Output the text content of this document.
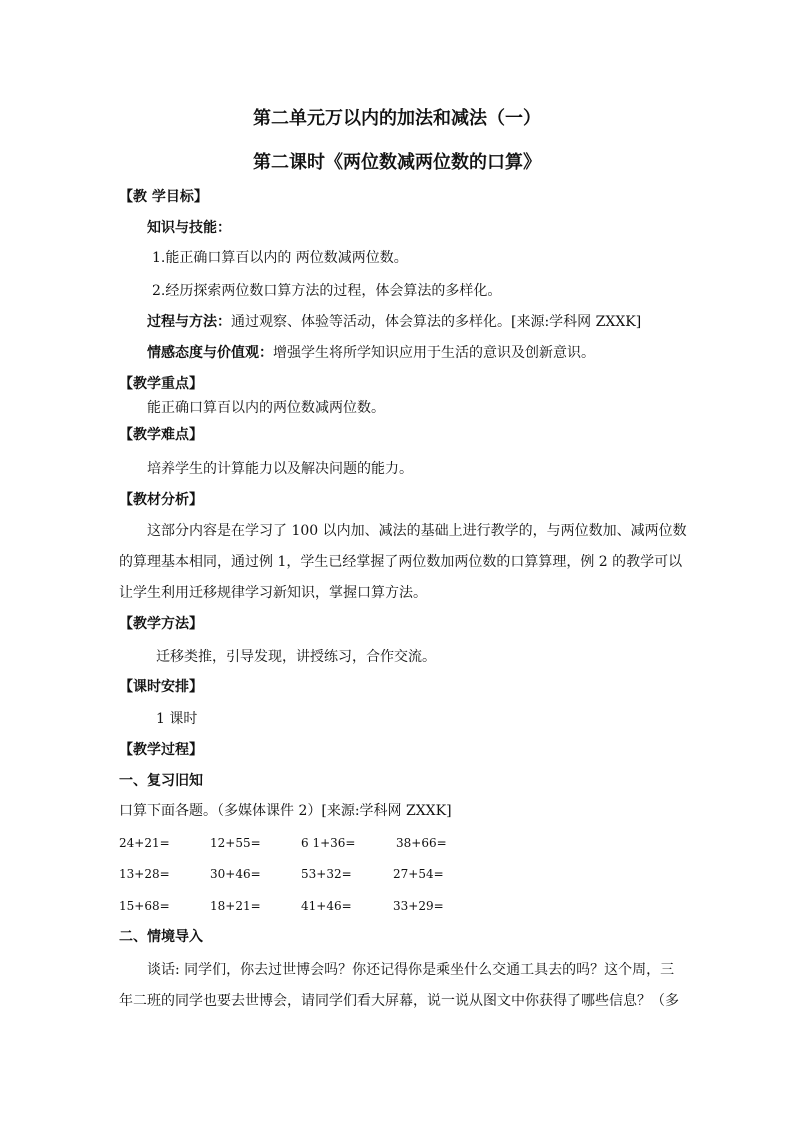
第二单元万以内的加法和减法（一）
第二课时《两位数减两位数的口算》
【教 学目标】
知识与技能：
1.能正确口算百以内的 两位数减两位数。
2.经历探索两位数口算方法的过程，体会算法的多样化。
过程与方法：通过观察、体验等活动，体会算法的多样化。[来源:学科网 ZXXK]
情感态度与价值观：增强学生将所学知识应用于生活的意识及创新意识。
【教学重点】
能正确口算百以内的两位数减两位数。
【教学难点】
培养学生的计算能力以及解决问题的能力。
【教材分析】
这部分内容是在学习了 100 以内加、减法的基础上进行教学的，与两位数加、减两位数
的算理基本相同，通过例 1，学生已经掌握了两位数加两位数的口算算理，例 2 的教学可以
让学生利用迁移规律学习新知识，掌握口算方法。
【教学方法】
迁移类推，引导发现，讲授练习，合作交流。
【课时安排】
1 课时
【教学过程】
一、复习旧知
口算下面各题。（多媒体课件 2）[来源:学科网 ZXXK]
24+21=	12+55=	6 1+36=	38+66=
13+28=	30+46=	53+32=	27+54=
15+68=	18+21=	41+46=	33+29=
二、情境导入
谈话: 同学们，你去过世博会吗？你还记得你是乘坐什么交通工具去的吗？这个周，三
年二班的同学也要去世博会，请同学们看大屏幕，说一说从图文中你获得了哪些信息？（多
